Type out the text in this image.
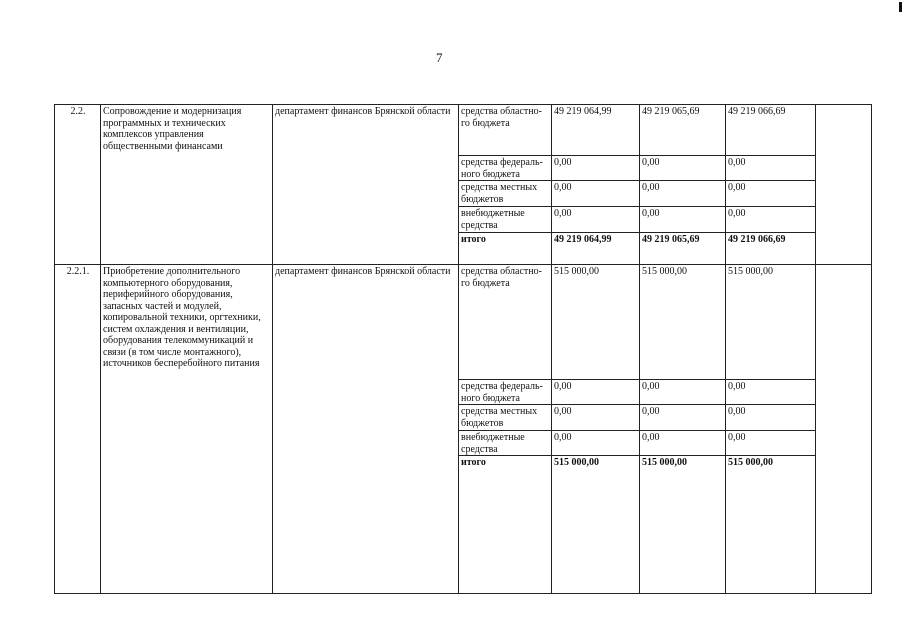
7
2.2.	Сопровождение и модернизация программных и технических комплексов управления общественными финансами	департамент финансов Брянской области	средства областно-го бюджета	49 219 064,99	49 219 065,69	49 219 066,69	
			средства федераль-ного бюджета	0,00	0,00	0,00	
			средства местных бюджетов	0,00	0,00	0,00	
			внебюджетные средства	0,00	0,00	0,00	
			итого	49 219 064,99	49 219 065,69	49 219 066,69	
2.2.1.	Приобретение дополнительного компьютерного оборудования, периферийного оборудования, запасных частей и модулей, копировальной техники, оргтехники, систем охлаждения и вентиляции, оборудования телекоммуникаций и связи (в том числе монтажного), источников бесперебойного питания	департамент финансов Брянской области	средства областно-го бюджета	515 000,00	515 000,00	515 000,00	
			средства федераль-ного бюджета	0,00	0,00	0,00	
			средства местных бюджетов	0,00	0,00	0,00	
			внебюджетные средства	0,00	0,00	0,00	
			итого	515 000,00	515 000,00	515 000,00	
